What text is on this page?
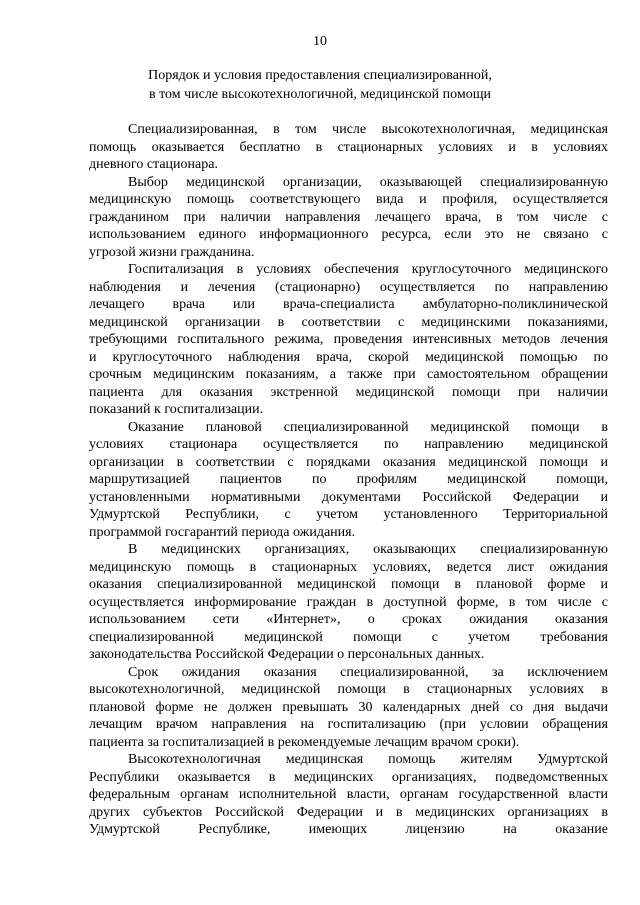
10
Порядок и условия предоставления специализированной,
в том числе высокотехнологичной, медицинской помощи
Специализированная, в том числе высокотехнологичная, медицинская
помощь оказывается бесплатно в стационарных условиях и в условиях
дневного стационара.
Выбор медицинской организации, оказывающей специализированную
медицинскую помощь соответствующего вида и профиля, осуществляется
гражданином при наличии направления лечащего врача, в том числе с
использованием единого информационного ресурса, если это не связано с
угрозой жизни гражданина.
Госпитализация в условиях обеспечения круглосуточного медицинского
наблюдения и лечения (стационарно) осуществляется по направлению
лечащего врача или врача-специалиста амбулаторно-поликлинической
медицинской организации в соответствии с медицинскими показаниями,
требующими госпитального режима, проведения интенсивных методов лечения
и круглосуточного наблюдения врача, скорой медицинской помощью по
срочным медицинским показаниям, а также при самостоятельном обращении
пациента для оказания экстренной медицинской помощи при наличии
показаний к госпитализации.
Оказание плановой специализированной медицинской помощи в
условиях стационара осуществляется по направлению медицинской
организации в соответствии с порядками оказания медицинской помощи и
маршрутизацией пациентов по профилям медицинской помощи,
установленными нормативными документами Российской Федерации и
Удмуртской Республики, с учетом установленного Территориальной
программой госгарантий периода ожидания.
В медицинских организациях, оказывающих специализированную
медицинскую помощь в стационарных условиях, ведется лист ожидания
оказания специализированной медицинской помощи в плановой форме и
осуществляется информирование граждан в доступной форме, в том числе с
использованием сети «Интернет», о сроках ожидания оказания
специализированной медицинской помощи с учетом требования
законодательства Российской Федерации о персональных данных.
Срок ожидания оказания специализированной, за исключением
высокотехнологичной, медицинской помощи в стационарных условиях в
плановой форме не должен превышать 30 календарных дней со дня выдачи
лечащим врачом направления на госпитализацию (при условии обращения
пациента за госпитализацией в рекомендуемые лечащим врачом сроки).
Высокотехнологичная медицинская помощь жителям Удмуртской
Республики оказывается в медицинских организациях, подведомственных
федеральным органам исполнительной власти, органам государственной власти
других субъектов Российской Федерации и в медицинских организациях в
Удмуртской Республике, имеющих лицензию на оказание
